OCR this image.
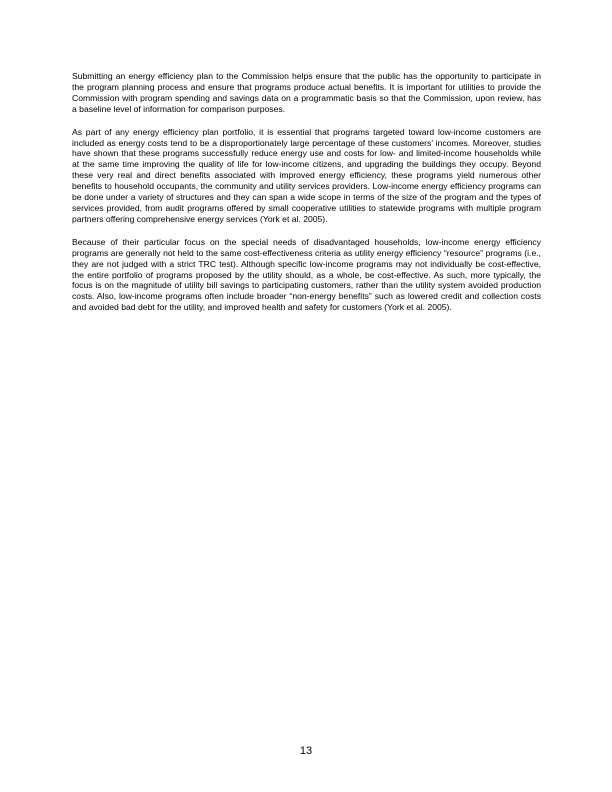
Submitting an energy efficiency plan to the Commission helps ensure that the public has the opportunity to participate in the program planning process and ensure that programs produce actual benefits. It is important for utilities to provide the Commission with program spending and savings data on a programmatic basis so that the Commission, upon review, has a baseline level of information for comparison purposes.

As part of any energy efficiency plan portfolio, it is essential that programs targeted toward low-income customers are included as energy costs tend to be a disproportionately large percentage of these customers’ incomes. Moreover, studies have shown that these programs successfully reduce energy use and costs for low- and limited-income households while at the same time improving the quality of life for low-income citizens, and upgrading the buildings they occupy. Beyond these very real and direct benefits associated with improved energy efficiency, these programs yield numerous other benefits to household occupants, the community and utility services providers. Low-income energy efficiency programs can be done under a variety of structures and they can span a wide scope in terms of the size of the program and the types of services provided, from audit programs offered by small cooperative utilities to statewide programs with multiple program partners offering comprehensive energy services (York et al. 2005).

Because of their particular focus on the special needs of disadvantaged households, low-income energy efficiency programs are generally not held to the same cost-effectiveness criteria as utility energy efficiency “resource” programs (i.e., they are not judged with a strict TRC test). Although specific low-income programs may not individually be cost-effective, the entire portfolio of programs proposed by the utility should, as a whole, be cost-effective. As such, more typically, the focus is on the magnitude of utility bill savings to participating customers, rather than the utility system avoided production costs. Also, low-income programs often include broader “non-energy benefits” such as lowered credit and collection costs and avoided bad debt for the utility, and improved health and safety for customers (York et al. 2005).

13
